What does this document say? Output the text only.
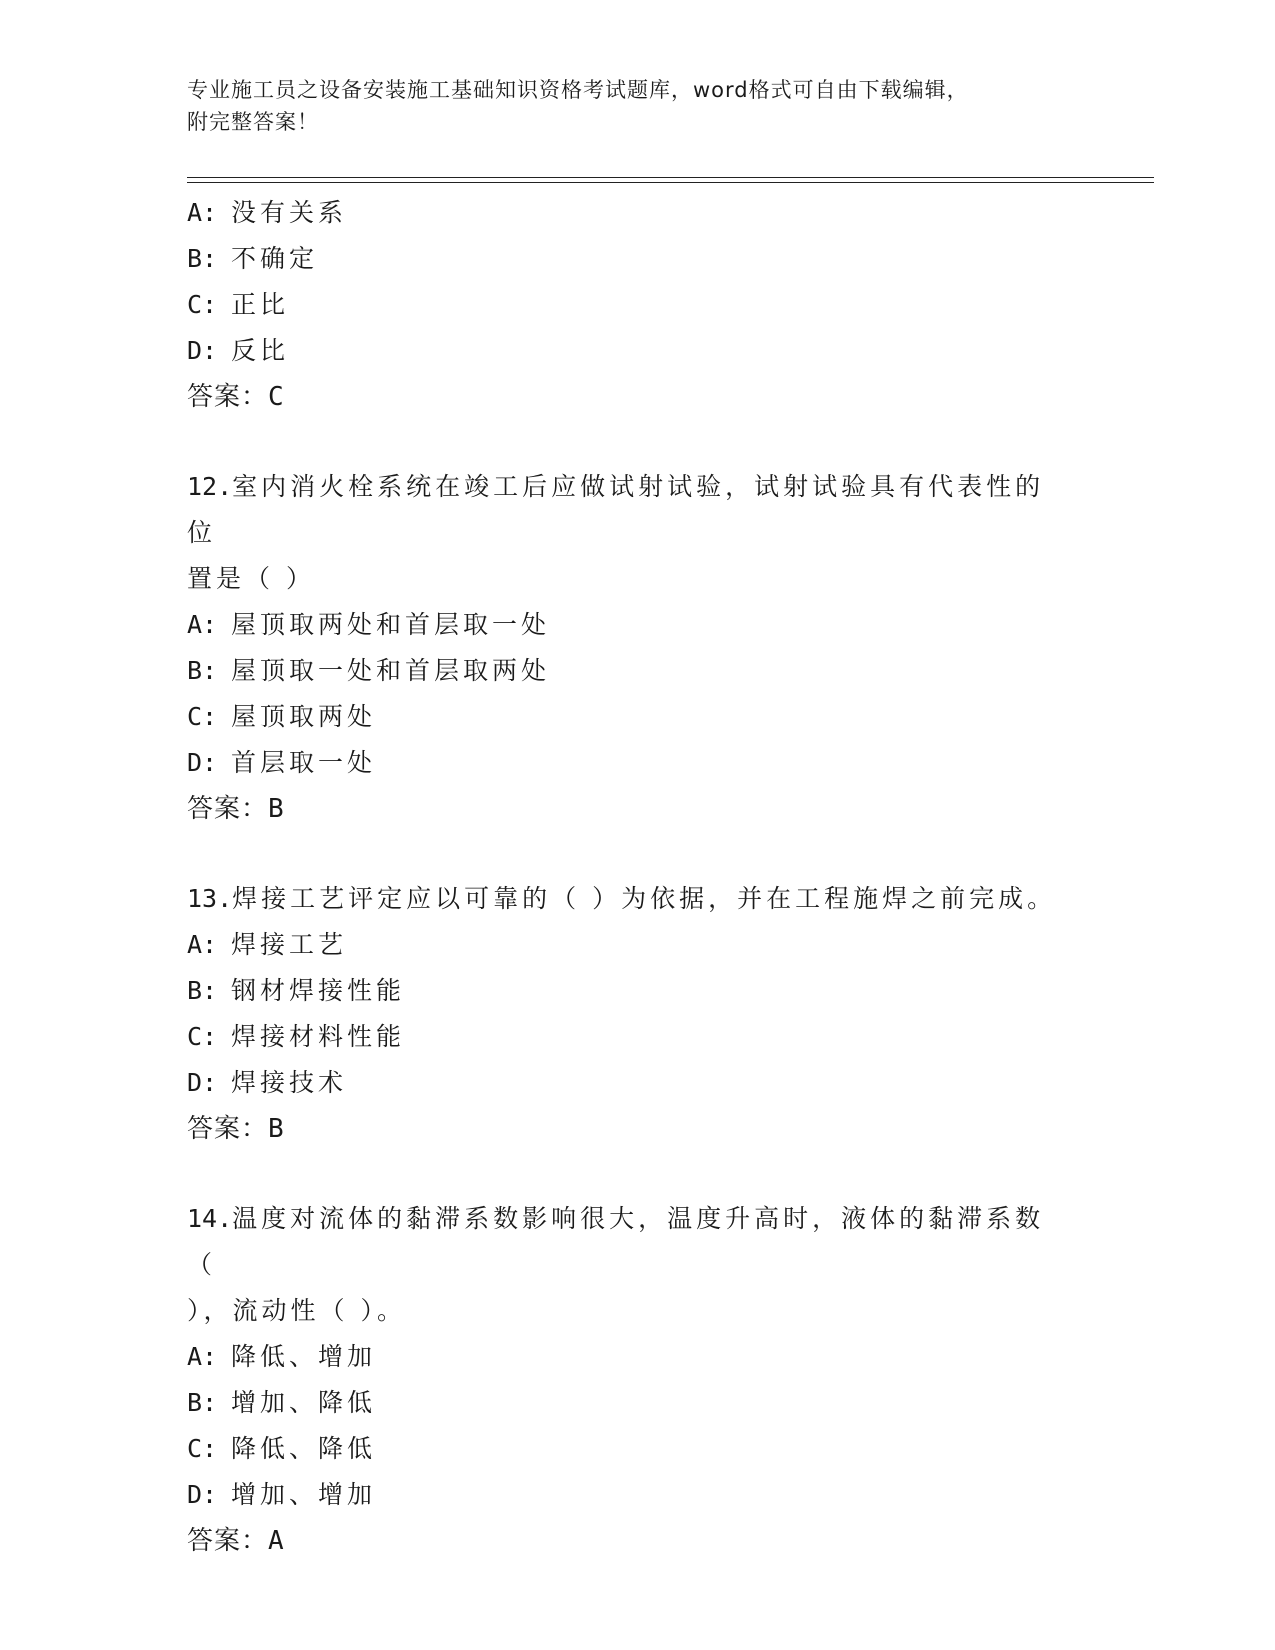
专业施工员之设备安装施工基础知识资格考试题库，word格式可自由下载编辑，
附完整答案！
A: 没有关系
B: 不确定
C: 正比
D: 反比
答案：C
12.室内消火栓系统在竣工后应做试射试验，试射试验具有代表性的位
置是（ ）
A: 屋顶取两处和首层取一处
B: 屋顶取一处和首层取两处
C: 屋顶取两处
D: 首层取一处
答案：B
13.焊接工艺评定应以可靠的（ ）为依据，并在工程施焊之前完成。
A: 焊接工艺
B: 钢材焊接性能
C: 焊接材料性能
D: 焊接技术
答案：B
14.温度对流体的黏滞系数影响很大，温度升高时，液体的黏滞系数（
），流动性（ ）。
A: 降低、增加
B: 增加、降低
C: 降低、降低
D: 增加、增加
答案：A
